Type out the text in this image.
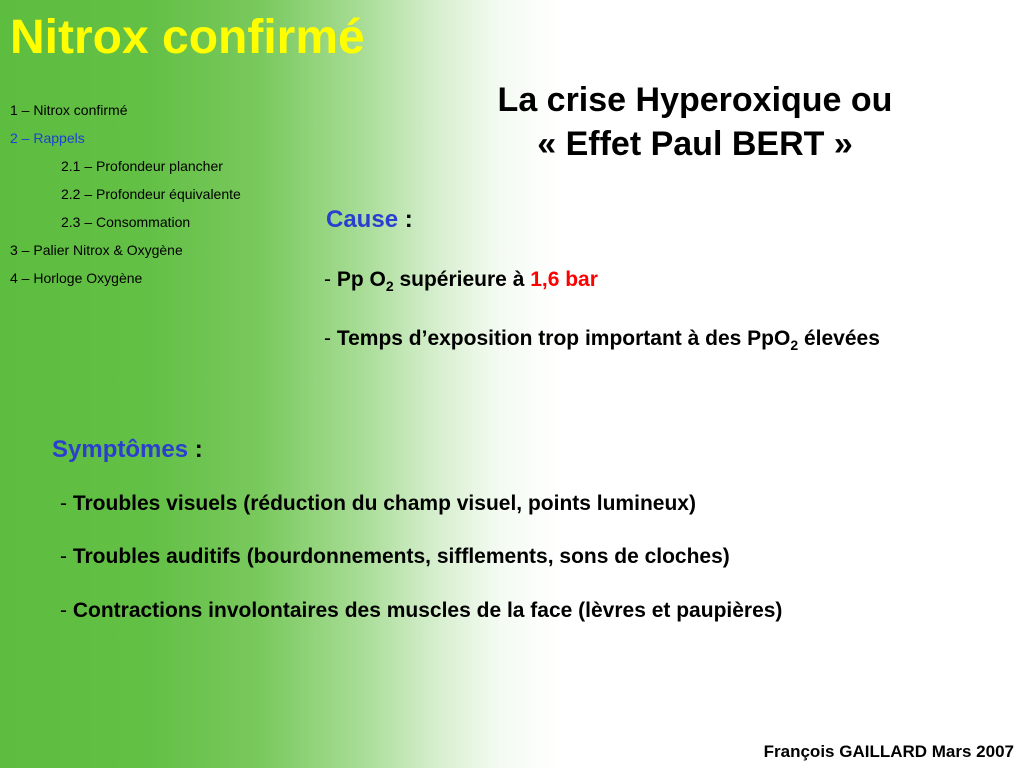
Nitrox confirmé
1 – Nitrox confirmé
2 – Rappels
2.1 – Profondeur plancher
2.2 – Profondeur équivalente
2.3 – Consommation
3 – Palier Nitrox & Oxygène
4 – Horloge Oxygène
La crise Hyperoxique ou
« Effet Paul BERT »

Cause :

- Pp $O_2$ supérieure à 1,6 bar

- Temps d’exposition trop important à des PpO$_2$ élevées

Symptômes :

- Troubles visuels (réduction du champ visuel, points lumineux)

- Troubles auditifs (bourdonnements, sifflements, sons de cloches)

- Contractions involontaires des muscles de la face (lèvres et paupières)

François GAILLARD Mars 2007
